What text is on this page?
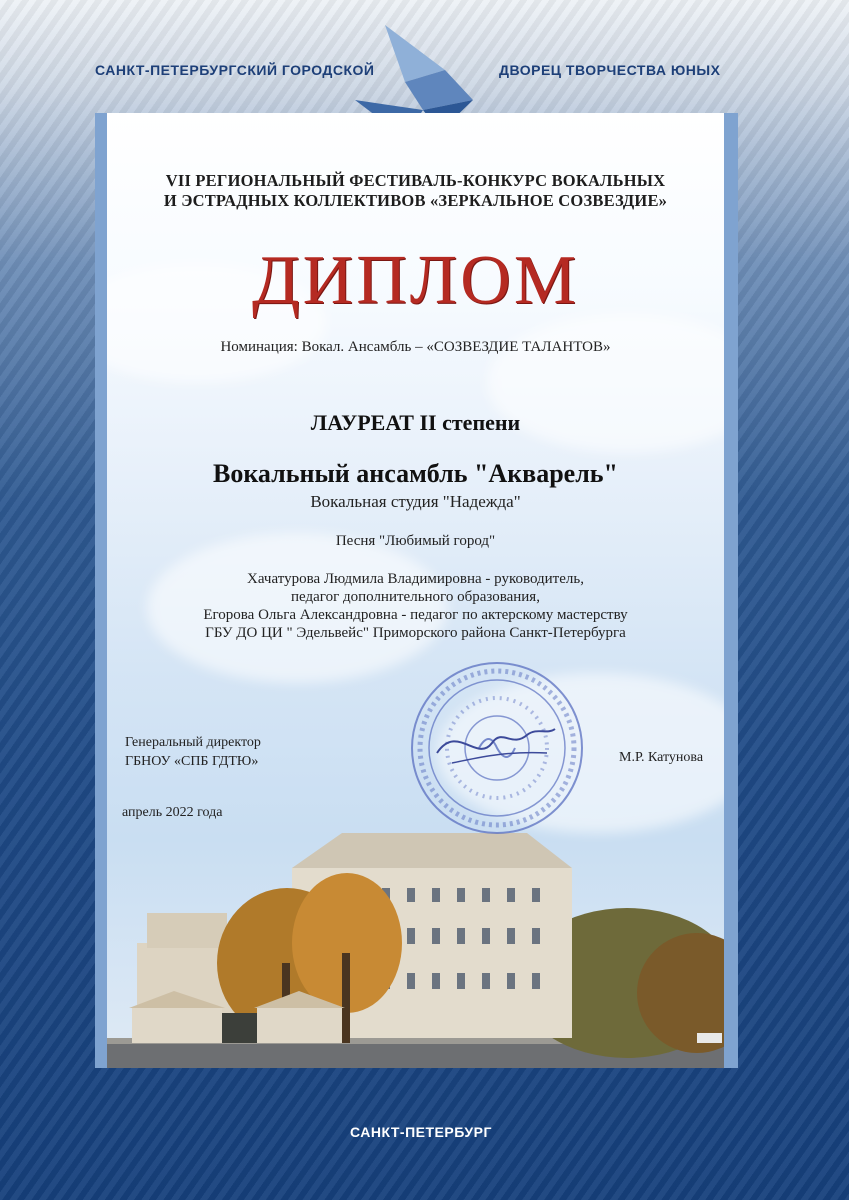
САНКТ-ПЕТЕРБУРГСКИЙ ГОРОДСКОЙ	ДВОРЕЦ ТВОРЧЕСТВА ЮНЫХ
VII РЕГИОНАЛЬНЫЙ ФЕСТИВАЛЬ-КОНКУРС ВОКАЛЬНЫХ
И ЭСТРАДНЫХ КОЛЛЕКТИВОВ «ЗЕРКАЛЬНОЕ СОЗВЕЗДИЕ»
ДИПЛОМ
Номинация: Вокал. Ансамбль – «СОЗВЕЗДИЕ ТАЛАНТОВ»
ЛАУРЕАТ II степени
Вокальный ансамбль "Акварель"
Вокальная студия "Надежда"
Песня "Любимый город"
Хачатурова Людмила Владимировна - руководитель,
педагог дополнительного образования,
Егорова Ольга Александровна - педагог по актерскому мастерству
ГБУ ДО ЦИ " Эдельвейс" Приморского района Санкт-Петербурга
Генеральный директор
ГБНОУ «СПБ ГДТЮ»	М.Р. Катунова
апрель 2022 года
САНКТ-ПЕТЕРБУРГ
